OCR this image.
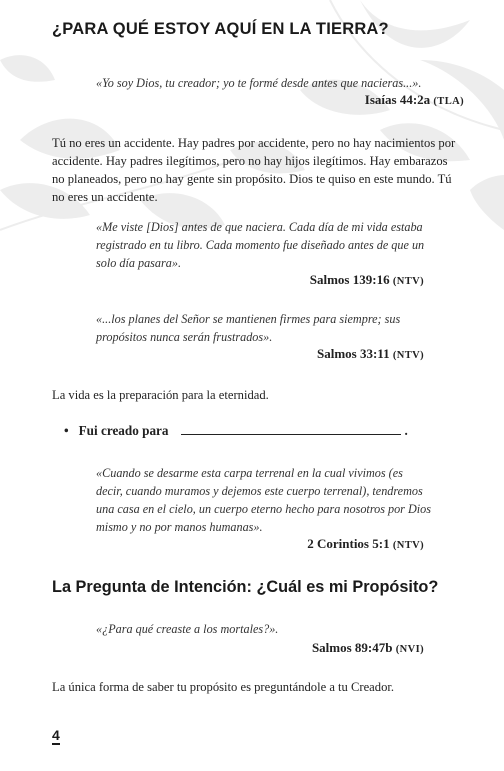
¿PARA QUÉ ESTOY AQUÍ EN LA TIERRA?
«Yo soy Dios, tu creador; yo te formé desde antes que nacieras...».
Isaías 44:2a (TLA)
Tú no eres un accidente. Hay padres por accidente, pero no hay nacimientos por accidente. Hay padres ilegítimos, pero no hay hijos ilegítimos. Hay embarazos no planeados, pero no hay gente sin propósito. Dios te quiso en este mundo. Tú no eres un accidente.
«Me viste [Dios] antes de que naciera. Cada día de mi vida estaba registrado en tu libro. Cada momento fue diseñado antes de que un solo día pasara».
Salmos 139:16 (NTV)
«...los planes del Señor se mantienen firmes para siempre; sus propósitos nunca serán frustrados».
Salmos 33:11 (NTV)
La vida es la preparación para la eternidad.
• Fui creado para	.
«Cuando se desarme esta carpa terrenal en la cual vivimos (es decir, cuando muramos y dejemos este cuerpo terrenal), tendremos una casa en el cielo, un cuerpo eterno hecho para nosotros por Dios mismo y no por manos humanas».
2 Corintios 5:1 (NTV)
La Pregunta de Intención: ¿Cuál es mi Propósito?
«¿Para qué creaste a los mortales?».
Salmos 89:47b (NVI)
La única forma de saber tu propósito es preguntándole a tu Creador.
4
